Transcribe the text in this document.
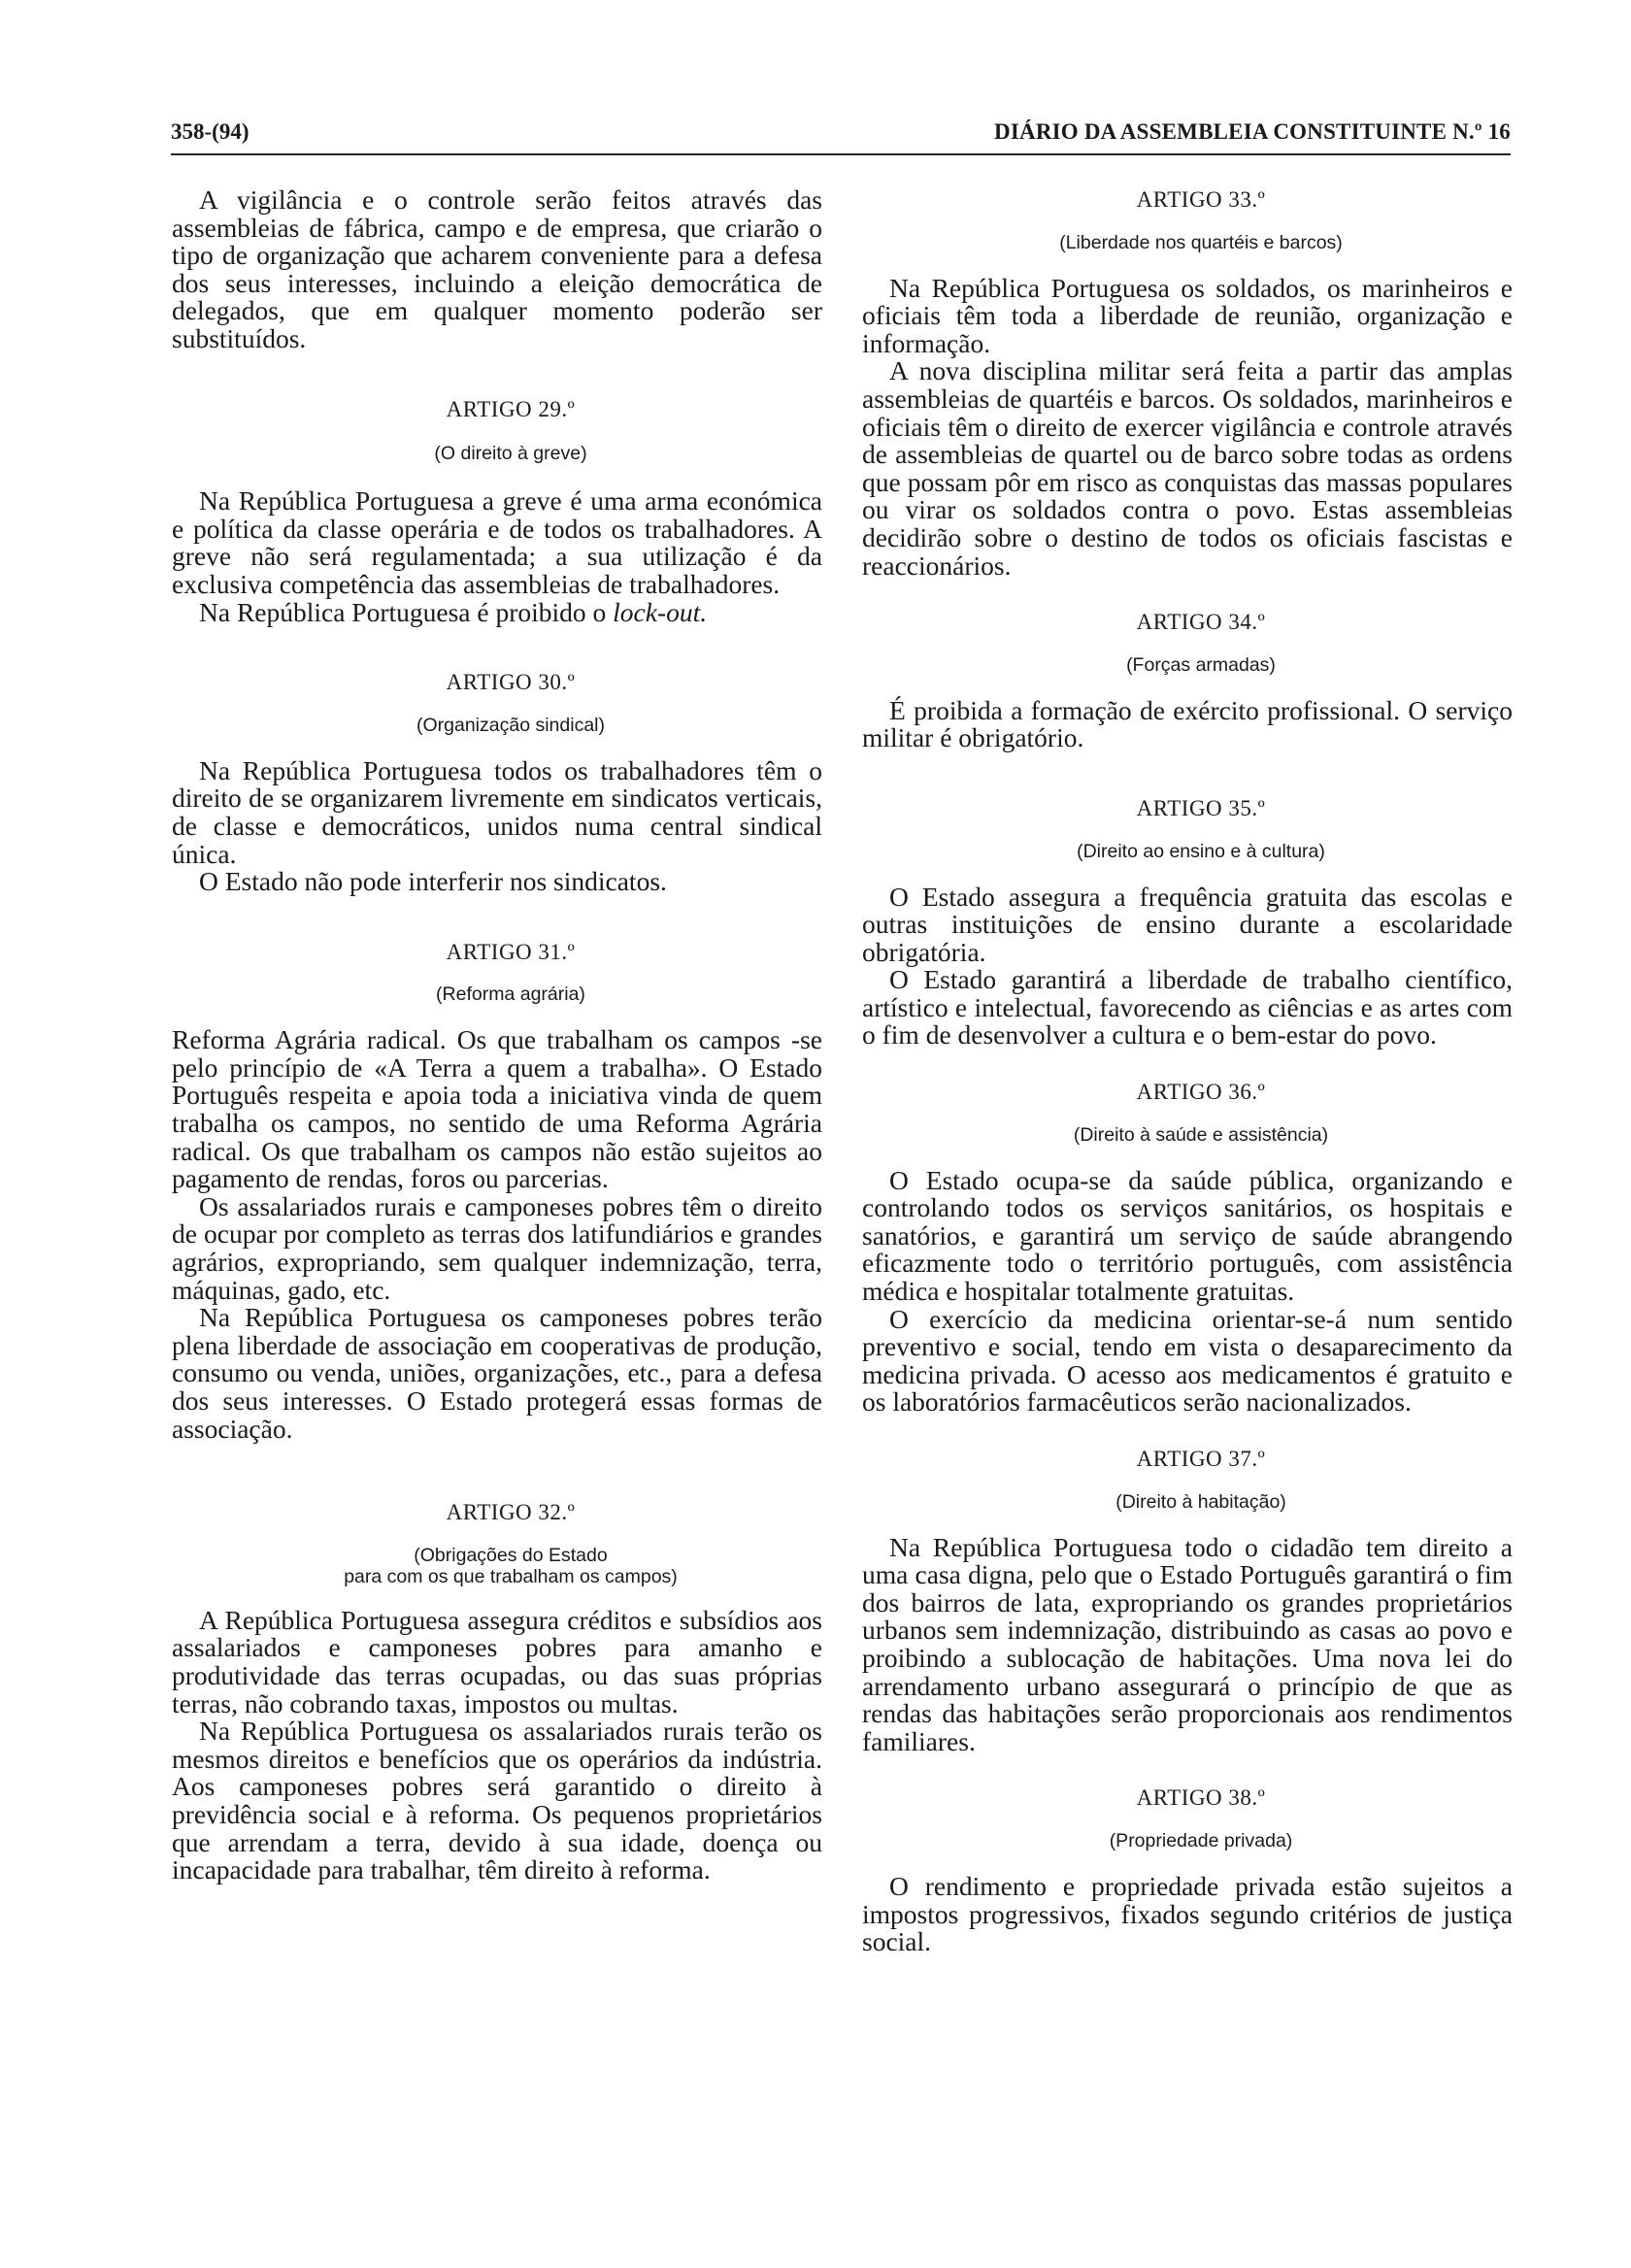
358-(94)	DIÁRIO DA ASSEMBLEIA CONSTITUINTE N.º 16

A vigilância e o controle serão feitos através das assembleias de fábrica, campo e de empresa, que criarão o tipo de organização que acharem conveniente para a defesa dos seus interesses, incluindo a eleição democrática de delegados, que em qualquer momento poderão ser substituídos.

ARTIGO 29.º

(O direito à greve)

Na República Portuguesa a greve é uma arma económica e política da classe operária e de todos os trabalhadores. A greve não será regulamentada; a sua utilização é da exclusiva competência das assembleias de trabalhadores.

Na República Portuguesa é proibido o lock-out.

ARTIGO 30.º

(Organização sindical)

Na República Portuguesa todos os trabalhadores têm o direito de se organizarem livremente em sindicatos verticais, de classe e democráticos, unidos numa central sindical única.

O Estado não pode interferir nos sindicatos.

ARTIGO 31.º

(Reforma agrária)

Reforma Agrária radical. Os que trabalham os campos -se pelo princípio de «A Terra a quem a trabalha». O Estado Português respeita e apoia toda a iniciativa vinda de quem trabalha os campos, no sentido de uma Reforma Agrária radical. Os que trabalham os campos não estão sujeitos ao pagamento de rendas, foros ou parcerias.

Os assalariados rurais e camponeses pobres têm o direito de ocupar por completo as terras dos latifundiários e grandes agrários, expropriando, sem qualquer indemnização, terra, máquinas, gado, etc.

Na República Portuguesa os camponeses pobres terão plena liberdade de associação em cooperativas de produção, consumo ou venda, uniões, organizações, etc., para a defesa dos seus interesses. O Estado protegerá essas formas de associação.

ARTIGO 32.º

(Obrigações do Estado

para com os que trabalham os campos)

A República Portuguesa assegura créditos e subsídios aos assalariados e camponeses pobres para amanho e produtividade das terras ocupadas, ou das suas próprias terras, não cobrando taxas, impostos ou multas.

Na República Portuguesa os assalariados rurais terão os mesmos direitos e benefícios que os operários da indústria. Aos camponeses pobres será garantido o direito à previdência social e à reforma. Os pequenos proprietários que arrendam a terra, devido à sua idade, doença ou incapacidade para trabalhar, têm direito à reforma.

ARTIGO 33.º

(Liberdade nos quartéis e barcos)

Na República Portuguesa os soldados, os marinheiros e oficiais têm toda a liberdade de reunião, organização e informação.

A nova disciplina militar será feita a partir das amplas assembleias de quartéis e barcos. Os soldados, marinheiros e oficiais têm o direito de exercer vigilância e controle através de assembleias de quartel ou de barco sobre todas as ordens que possam pôr em risco as conquistas das massas populares ou virar os soldados contra o povo. Estas assembleias decidirão sobre o destino de todos os oficiais fascistas e reaccionários.

ARTIGO 34.º

(Forças armadas)

É proibida a formação de exército profissional. O serviço militar é obrigatório.

ARTIGO 35.º

(Direito ao ensino e à cultura)

O Estado assegura a frequência gratuita das escolas e outras instituições de ensino durante a escolaridade obrigatória.

O Estado garantirá a liberdade de trabalho científico, artístico e intelectual, favorecendo as ciências e as artes com o fim de desenvolver a cultura e o bem-estar do povo.

ARTIGO 36.º

(Direito à saúde e assistência)

O Estado ocupa-se da saúde pública, organizando e controlando todos os serviços sanitários, os hospitais e sanatórios, e garantirá um serviço de saúde abrangendo eficazmente todo o território português, com assistência médica e hospitalar totalmente gratuitas.

O exercício da medicina orientar-se-á num sentido preventivo e social, tendo em vista o desaparecimento da medicina privada. O acesso aos medicamentos é gratuito e os laboratórios farmacêuticos serão nacionalizados.

ARTIGO 37.º

(Direito à habitação)

Na República Portuguesa todo o cidadão tem direito a uma casa digna, pelo que o Estado Português garantirá o fim dos bairros de lata, expropriando os grandes proprietários urbanos sem indemnização, distribuindo as casas ao povo e proibindo a sublocação de habitações. Uma nova lei do arrendamento urbano assegurará o princípio de que as rendas das habitações serão proporcionais aos rendimentos familiares.

ARTIGO 38.º

(Propriedade privada)

O rendimento e propriedade privada estão sujeitos a impostos progressivos, fixados segundo critérios de justiça social.
